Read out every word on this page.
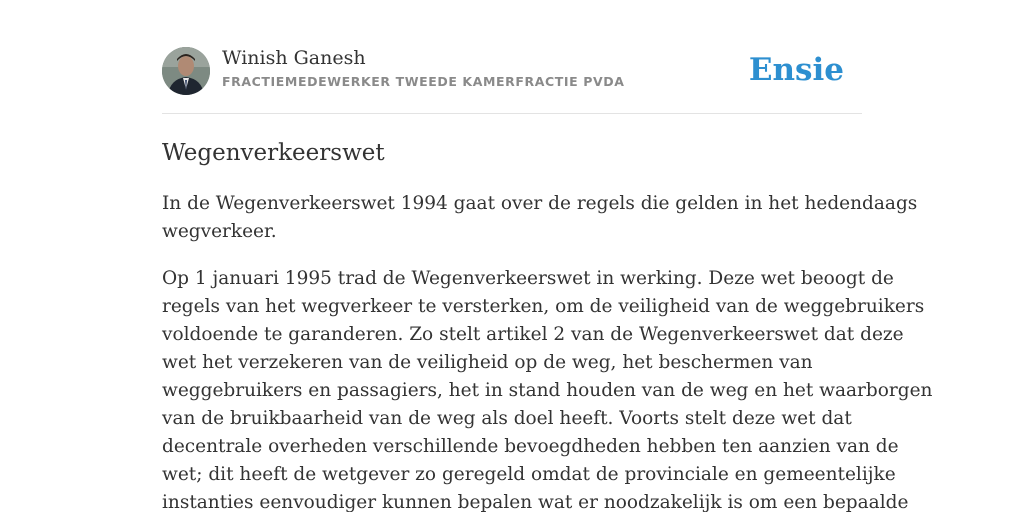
Winish Ganesh
FRACTIEMEDEWERKER TWEEDE KAMERFRACTIE PVDA	Ensie
Wegenverkeerswet

In de Wegenverkeerswet 1994 gaat over de regels die gelden in het hedendaags
wegverkeer.

Op 1 januari 1995 trad de Wegenverkeerswet in werking. Deze wet beoogt de
regels van het wegverkeer te versterken, om de veiligheid van de weggebruikers
voldoende te garanderen. Zo stelt artikel 2 van de Wegenverkeerswet dat deze
wet het verzekeren van de veiligheid op de weg, het beschermen van
weggebruikers en passagiers, het in stand houden van de weg en het waarborgen
van de bruikbaarheid van de weg als doel heeft. Voorts stelt deze wet dat
decentrale overheden verschillende bevoegdheden hebben ten aanzien van de
wet; dit heeft de wetgever zo geregeld omdat de provinciale en gemeentelijke
instanties eenvoudiger kunnen bepalen wat er noodzakelijk is om een bepaalde
